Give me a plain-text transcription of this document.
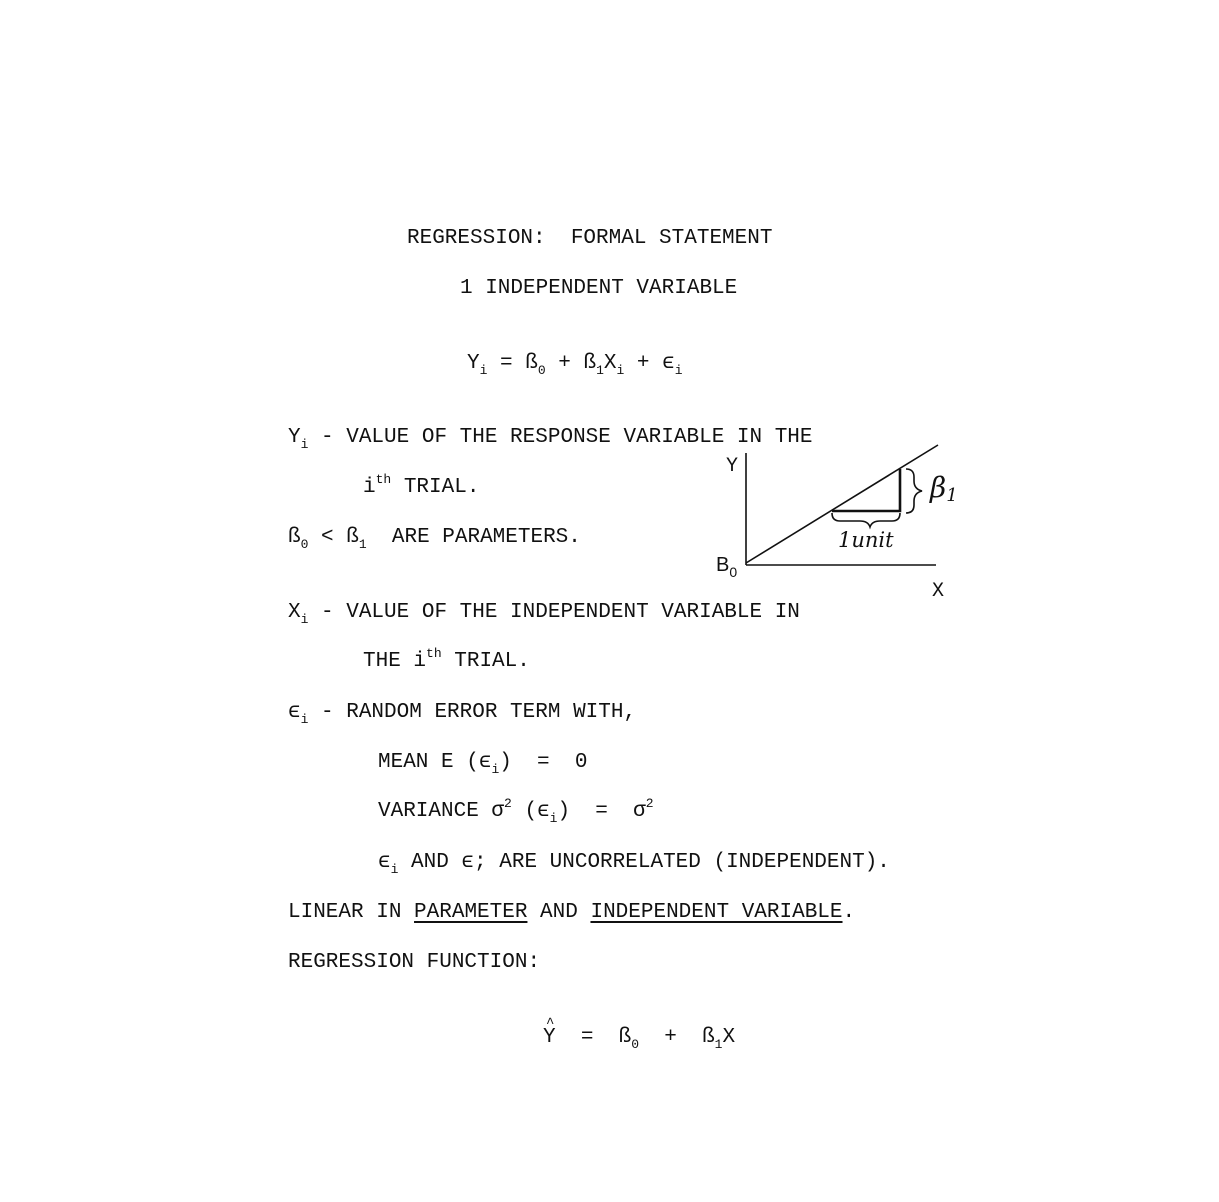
REGRESSION:  FORMAL STATEMENT
1 INDEPENDENT VARIABLE
$Y_i$ = $ß_0$ + $ß_1X_i + \epsilon_i$
$Y_i$ - VALUE OF THE RESPONSE VARIABLE IN THE
$i^{th}$ TRIAL.
$ß_0$ < $ß_1$  ARE PARAMETERS.
$X_i$ - VALUE OF THE INDEPENDENT VARIABLE IN
THE $i^{th}$ TRIAL.
$\epsilon_i$ - RANDOM ERROR TERM WITH,
MEAN E $(\epsilon_i) = 0$
VARIANCE $\sigma^2$ $(\epsilon_i) = \sigma^2$
$\epsilon_i$ AND ϵ; ARE UNCORRELATED (INDEPENDENT).
LINEAR IN PARAMETER AND INDEPENDENT VARIABLE.
REGRESSION FUNCTION:
^ $Y = ß_0$  +  $ß_1X$
Y
X
$B_0$
1unit
β1
